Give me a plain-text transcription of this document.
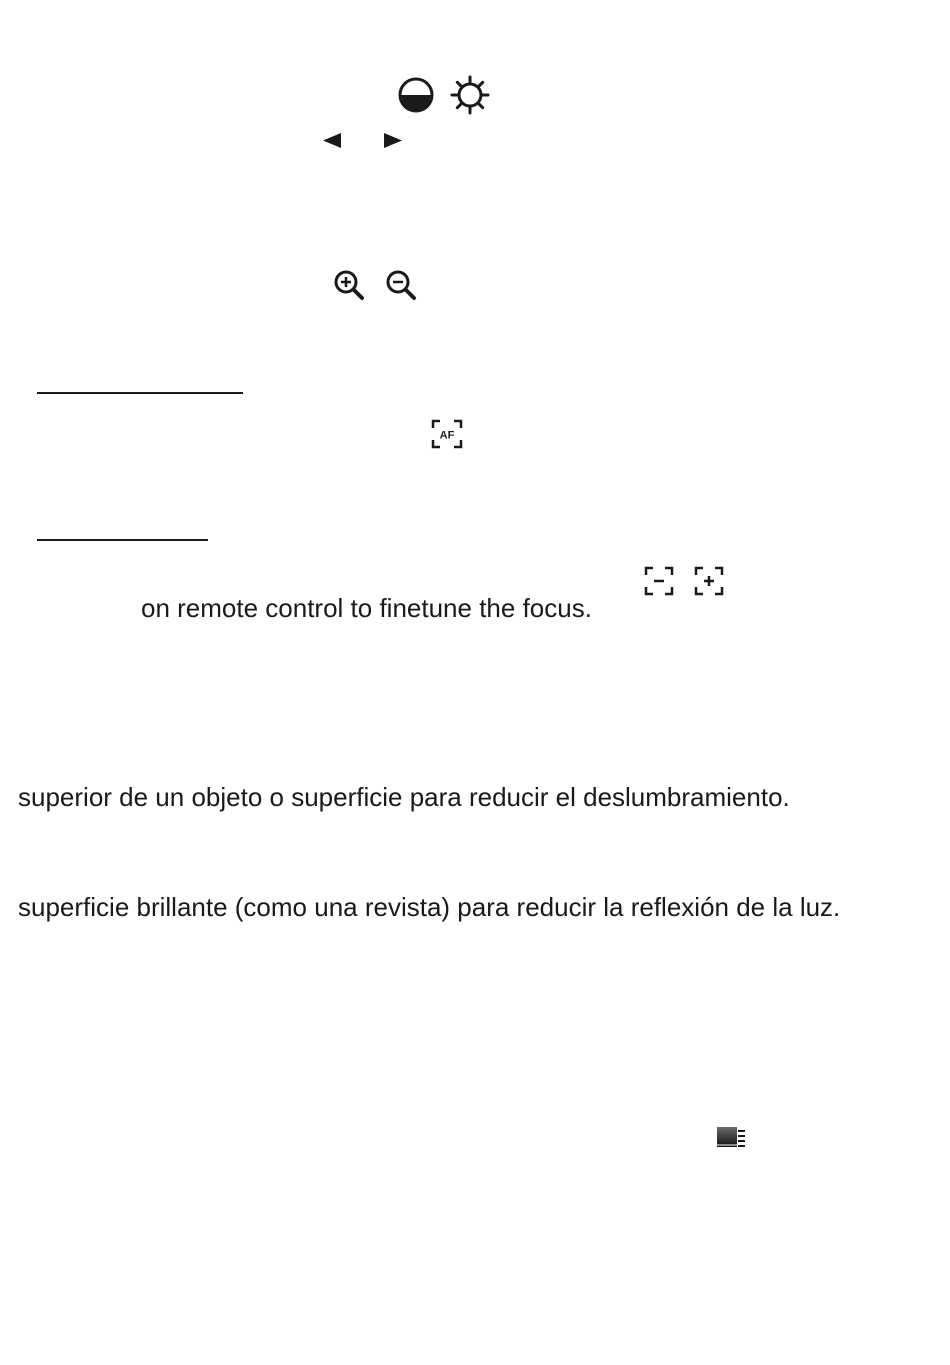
AF
on remote control to finetune the focus.
superior de un objeto o superficie para reducir el deslumbramiento.
superficie brillante (como una revista) para reducir la reflexión de la luz.
